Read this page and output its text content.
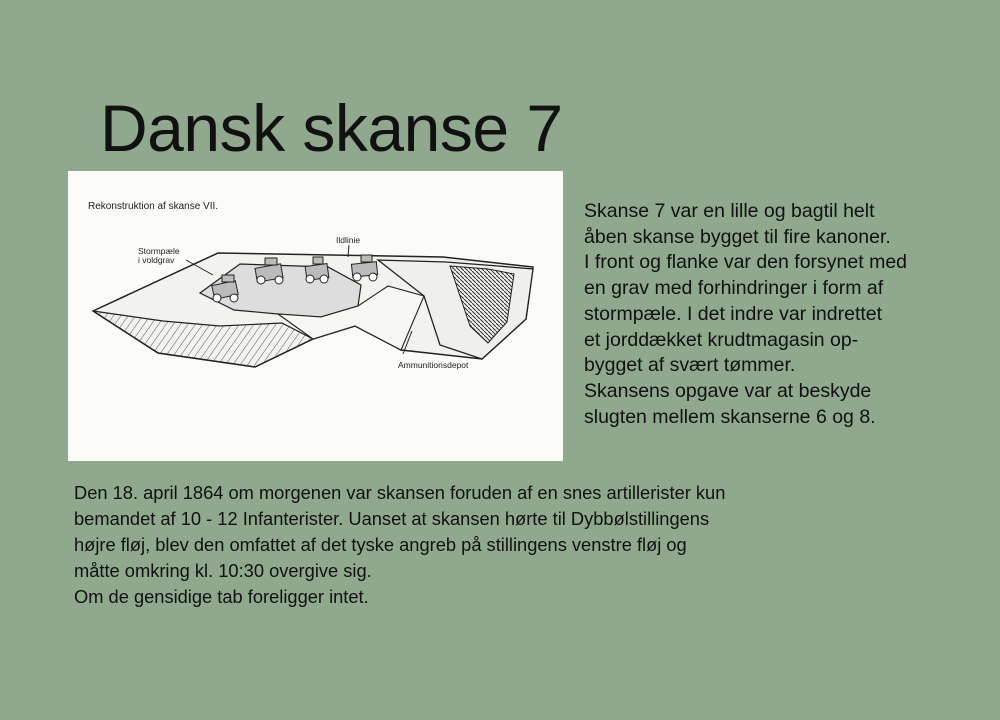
Dansk skanse 7
Rekonstruktion af skanse VII.
Stormpæle
i voldgrav
Ildlinie
Ammunitionsdepot
Skanse 7 var en lille og bagtil helt
åben skanse bygget til fire kanoner.
I front og flanke var den forsynet med
en grav med forhindringer i form af
stormpæle. I det indre var indrettet
et jorddækket krudtmagasin op-
bygget af svært tømmer.
Skansens opgave var at beskyde
slugten mellem skanserne 6 og 8.
Den 18. april 1864 om morgenen var skansen foruden af en snes artillerister kun
bemandet af 10 - 12 Infanterister. Uanset at skansen hørte til Dybbølstillingens
højre fløj, blev den omfattet af det tyske angreb på stillingens venstre fløj og
måtte omkring kl. 10:30 overgive sig.
Om de gensidige tab foreligger intet.
